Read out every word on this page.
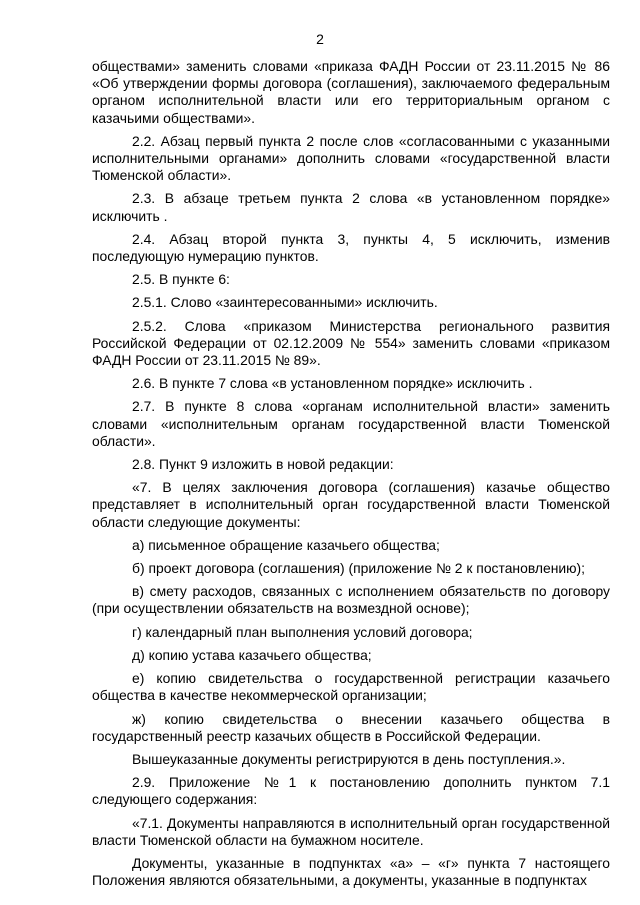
2

обществами» заменить словами «приказа ФАДН России от 23.11.2015 № 86 «Об утверждении формы договора (соглашения), заключаемого федеральным органом исполнительной власти или его территориальным органом с казачьими обществами».

2.2. Абзац первый пункта 2 после слов «согласованными с указанными исполнительными органами» дополнить словами «государственной власти Тюменской области».

2.3. В абзаце третьем пункта 2 слова «в установленном порядке» исключить .

2.4. Абзац второй пункта 3, пункты 4, 5 исключить, изменив последующую нумерацию пунктов.

2.5. В пункте 6:

2.5.1. Слово «заинтересованными» исключить.

2.5.2. Слова «приказом Министерства регионального развития Российской Федерации от 02.12.2009 № 554» заменить словами «приказом ФАДН России от 23.11.2015 № 89».

2.6. В пункте 7 слова «в установленном порядке» исключить .

2.7. В пункте 8 слова «органам исполнительной власти» заменить словами «исполнительным органам государственной власти Тюменской области».

2.8. Пункт 9 изложить в новой редакции:

«7. В целях заключения договора (соглашения) казачье общество представляет в исполнительный орган государственной власти Тюменской области следующие документы:

а) письменное обращение казачьего общества;

б) проект договора (соглашения) (приложение № 2 к постановлению);

в) смету расходов, связанных с исполнением обязательств по договору (при осуществлении обязательств на возмездной основе);

г) календарный план выполнения условий договора;

д) копию устава казачьего общества;

е) копию свидетельства о государственной регистрации казачьего общества в качестве некоммерческой организации;

ж) копию свидетельства о внесении казачьего общества в государственный реестр казачьих обществ в Российской Федерации.

Вышеуказанные документы регистрируются в день поступления.».

2.9. Приложение №1 к постановлению дополнить пунктом 7.1 следующего содержания:

«7.1. Документы направляются в исполнительный орган государственной власти Тюменской области на бумажном носителе.

Документы, указанные в подпунктах «а» – «г» пункта 7 настоящего Положения являются обязательными, а документы, указанные в подпунктах
